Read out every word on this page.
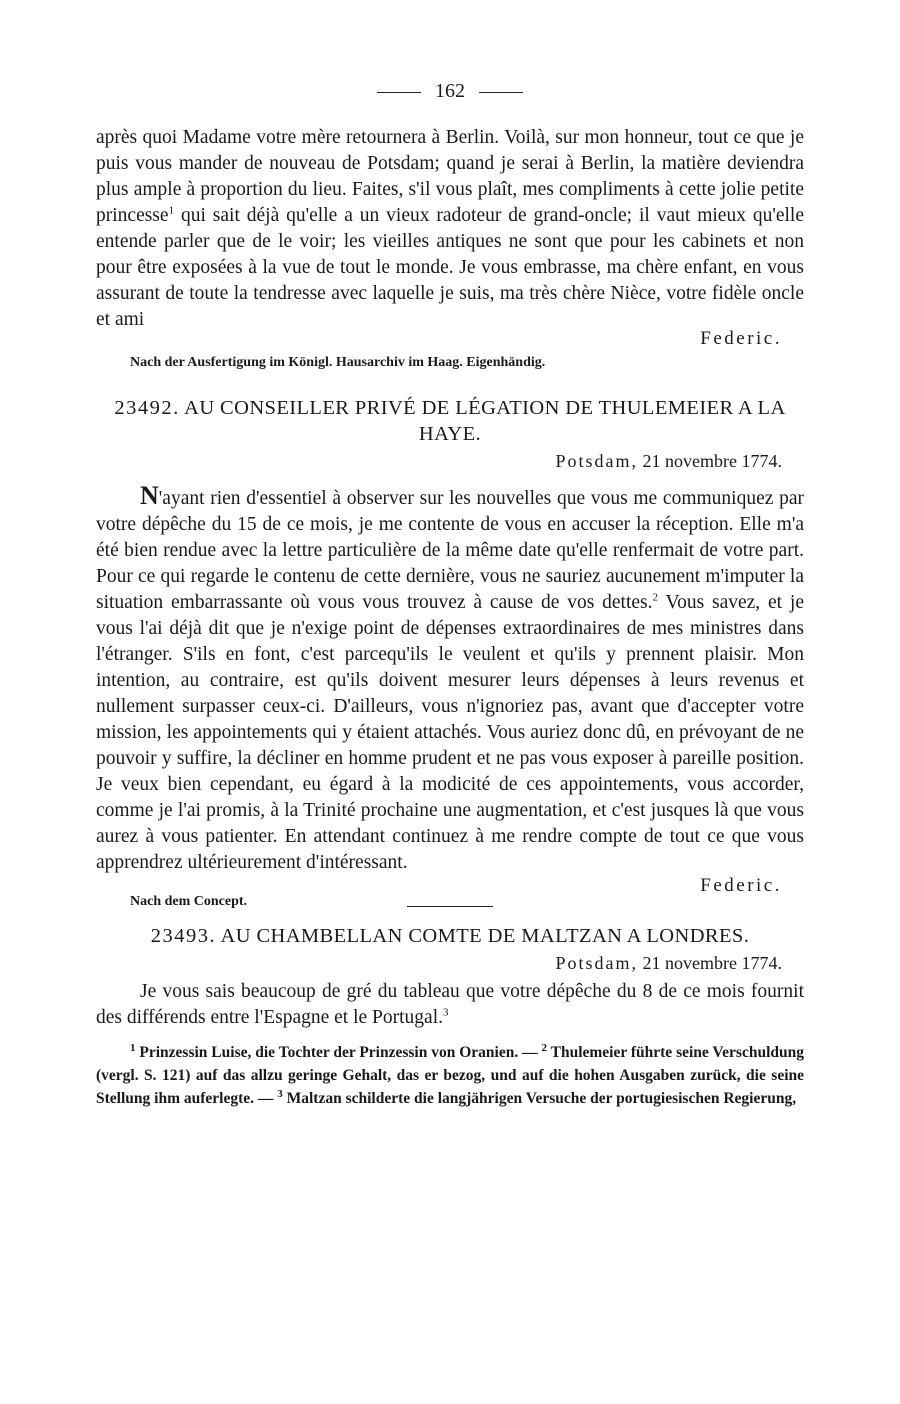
162

après quoi Madame votre mère retournera à Berlin. Voilà, sur mon honneur, tout ce que je puis vous mander de nouveau de Potsdam; quand je serai à Berlin, la matière deviendra plus ample à proportion du lieu. Faites, s'il vous plaît, mes compliments à cette jolie petite princesse$^1$ qui sait déjà qu'elle a un vieux radoteur de grand-oncle; il vaut mieux qu'elle entende parler que de le voir; les vieilles antiques ne sont que pour les cabinets et non pour être exposées à la vue de tout le monde. Je vous embrasse, ma chère enfant, en vous assurant de toute la tendresse avec laquelle je suis, ma très chère Nièce, votre fidèle oncle et ami

Federic.
Nach der Ausfertigung im Königl. Hausarchiv im Haag. Eigenhändig.

23492. AU CONSEILLER PRIVÉ DE LÉGATION DE THULEMEIER A LA HAYE.

Potsdam, 21 novembre 1774.

N'ayant rien d'essentiel à observer sur les nouvelles que vous me communiquez par votre dépêche du 15 de ce mois, je me contente de vous en accuser la réception. Elle m'a été bien rendue avec la lettre particulière de la même date qu'elle renfermait de votre part. Pour ce qui regarde le contenu de cette dernière, vous ne sauriez aucunement m'imputer la situation embarrassante où vous vous trouvez à cause de vos dettes.$^2$ Vous savez, et je vous l'ai déjà dit que je n'exige point de dépenses extraordinaires de mes ministres dans l'étranger. S'ils en font, c'est parcequ'ils le veulent et qu'ils y prennent plaisir. Mon intention, au contraire, est qu'ils doivent mesurer leurs dépenses à leurs revenus et nullement surpasser ceux-ci. D'ailleurs, vous n'ignoriez pas, avant que d'accepter votre mission, les appointements qui y étaient attachés. Vous auriez donc dû, en prévoyant de ne pouvoir y suffire, la décliner en homme prudent et ne pas vous exposer à pareille position. Je veux bien cependant, eu égard à la modicité de ces appointements, vous accorder, comme je l'ai promis, à la Trinité prochaine une augmentation, et c'est jusques là que vous aurez à vous patienter. En attendant continuez à me rendre compte de tout ce que vous apprendrez ultérieurement d'intéressant.

Federic.
Nach dem Concept.

23493. AU CHAMBELLAN COMTE DE MALTZAN A LONDRES.

Potsdam, 21 novembre 1774.

Je vous sais beaucoup de gré du tableau que votre dépêche du 8 de ce mois fournit des différends entre l'Espagne et le Portugal.$^3$

$^1$ Prinzessin Luise, die Tochter der Prinzessin von Oranien. — $^2$ Thulemeier führte seine Verschuldung (vergl. S. 121) auf das allzu geringe Gehalt, das er bezog, und auf die hohen Ausgaben zurück, die seine Stellung ihm auferlegte. — $^3$ Maltzan schilderte die langjährigen Versuche der portugiesischen Regierung,
